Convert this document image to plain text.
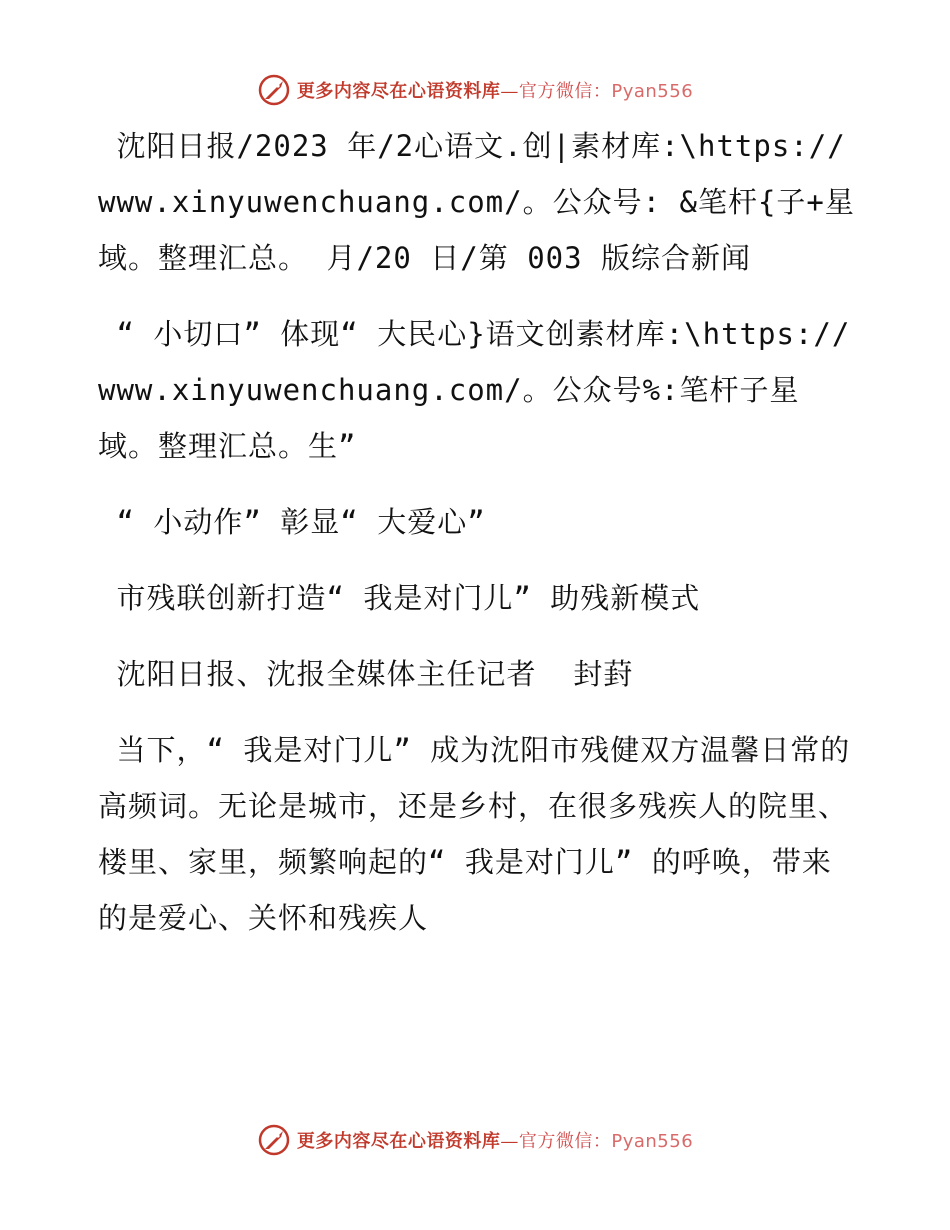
更多内容尽在心语资料库—官方微信：Pyan556

沈阳日报/2023 年/2心语文.创|素材库:\https://www.xinyuwenchuang.com/。公众号: &笔杆{子+星域。整理汇总。 月/20 日/第 003 版综合新闻

“ 小切口” 体现“ 大民心}语文创素材库:\https://www.xinyuwenchuang.com/。公众号%:笔杆子星域。整理汇总。生”

“ 小动作” 彰显“ 大爱心”

市残联创新打造“ 我是对门儿” 助残新模式

沈阳日报、沈报全媒体主任记者  封葑

当下，“ 我是对门儿” 成为沈阳市残健双方温馨日常的高频词。无论是城市，还是乡村，在很多残疾人的院里、楼里、家里，频繁响起的“ 我是对门儿” 的呼唤，带来的是爱心、关怀和残疾人

更多内容尽在心语资料库—官方微信：Pyan556
